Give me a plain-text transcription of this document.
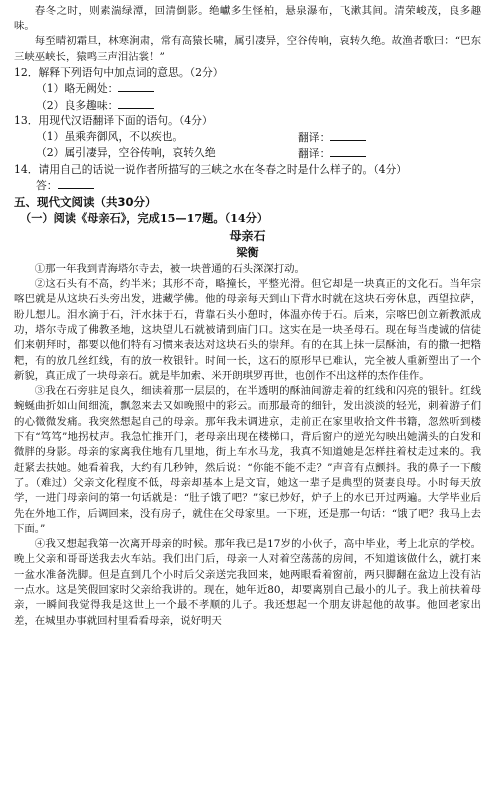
春冬之时，则素湍绿潭，回清倒影。绝巘多生怪柏，悬泉瀑布，飞漱其间。清荣峻茂，良多趣味。

每至晴初霜旦，林寒涧肃，常有高猿长啸，属引凄异，空谷传响，哀转久绝。故渔者歌曰：“巴东三峡巫峡长，猿鸣三声泪沾裳！”

12．解释下列语句中加点词的意思。（2分）

（1）略无阙处：

（2）良多趣味：

13．用现代汉语翻译下面的语句。（4分）

（1）虽乘奔御风，不以疾也。	翻译：
（2）属引凄异，空谷传响，哀转久绝	翻译：

14．请用自己的话说一说作者所描写的三峡之水在冬春之时是什么样子的。（4分）

答：

五、现代文阅读（共30分）

（一）阅读《母亲石》，完成15—17题。（14分）

母亲石

梁衡

①那一年我到青海塔尔寺去，被一块普通的石头深深打动。

②这石头有不高，约半米；其形不奇，略撞长，平整光滑。但它却是一块真正的文化石。当年宗喀巴就是从这块石头旁出发，进藏学佛。他的母亲每天到山下背水时就在这块石旁休息，西望拉萨，盼儿想儿。泪水滴于石，汗水抹于石，背靠石头小憩时，体温亦传于石。后来，宗喀巴创立新教派成功，塔尔寺成了佛教圣地，这块望儿石就被请到庙门口。这实在是一块圣母石。现在每当虔诚的信徒们来朝拜时，都要以他们特有习惯来表达对这块石头的崇拜。有的在其上抹一层酥油，有的撒一把糌粑，有的放几丝红线，有的放一枚银针。时间一长，这石的原形早已难认，完全被人重新塑出了一个新貌，真正成了一块母亲石。就是毕加索、米开朗琪罗再世，也创作不出这样的杰作佳作。

③我在石旁驻足良久，细读着那一层层的，在半透明的酥油间游走着的红线和闪亮的银针。红线蜿蜒曲折如山间细流，飘忽来去又如晚照中的彩云。而那最奇的细针，发出淡淡的轻光，刺着游子们的心微微发痛。我突然想起自己的母亲。那年我未调进京，走前正在家里收拾文件书籍，忽然听到楼下有“笃笃”地拐杖声。我急忙推开门，老母亲出现在楼梯口，背后窗户的逆光勾映出她满头的白发和微胖的身影。母亲的家离我住地有几里地，街上车水马龙，我真不知道她是怎样拄着杖走过来的。我赶紧去扶她。她看着我，大约有几秒钟，然后说：“你能不能不走？”声音有点颤抖。我的鼻子一下酸了。（难过）父亲文化程度不低，母亲却基本上是文盲，她这一辈子是典型的贤妻良母。小时每天放学，一进门母亲问的第一句话就是：“肚子饿了吧？”家已炒好，炉子上的水已开过两遍。大学毕业后先在外地工作，后调回来，没有房子，就住在父母家里。一下班，还是那一句话：“饿了吧？我马上去下面。”

④我又想起我第一次离开母亲的时候。那年我已是17岁的小伙子，高中毕业，考上北京的学校。晚上父亲和哥哥送我去火车站。我们出门后，母亲一人对着空荡荡的房间，不知道该做什么，就打来一盆水准备洗脚。但是直到几个小时后父亲送完我回来，她两眼看着窗前，两只脚翻在盆边上没有沾一点水。这是笑假回家时父亲给我讲的。现在，她年近80，却要离别自己最小的儿子。我上前扶着母亲，一瞬间我觉得我是这世上一个最不孝顺的儿子。我还想起一个朋友讲起他的故事。他回老家出差，在城里办事就回村里看看母亲，说好明天
